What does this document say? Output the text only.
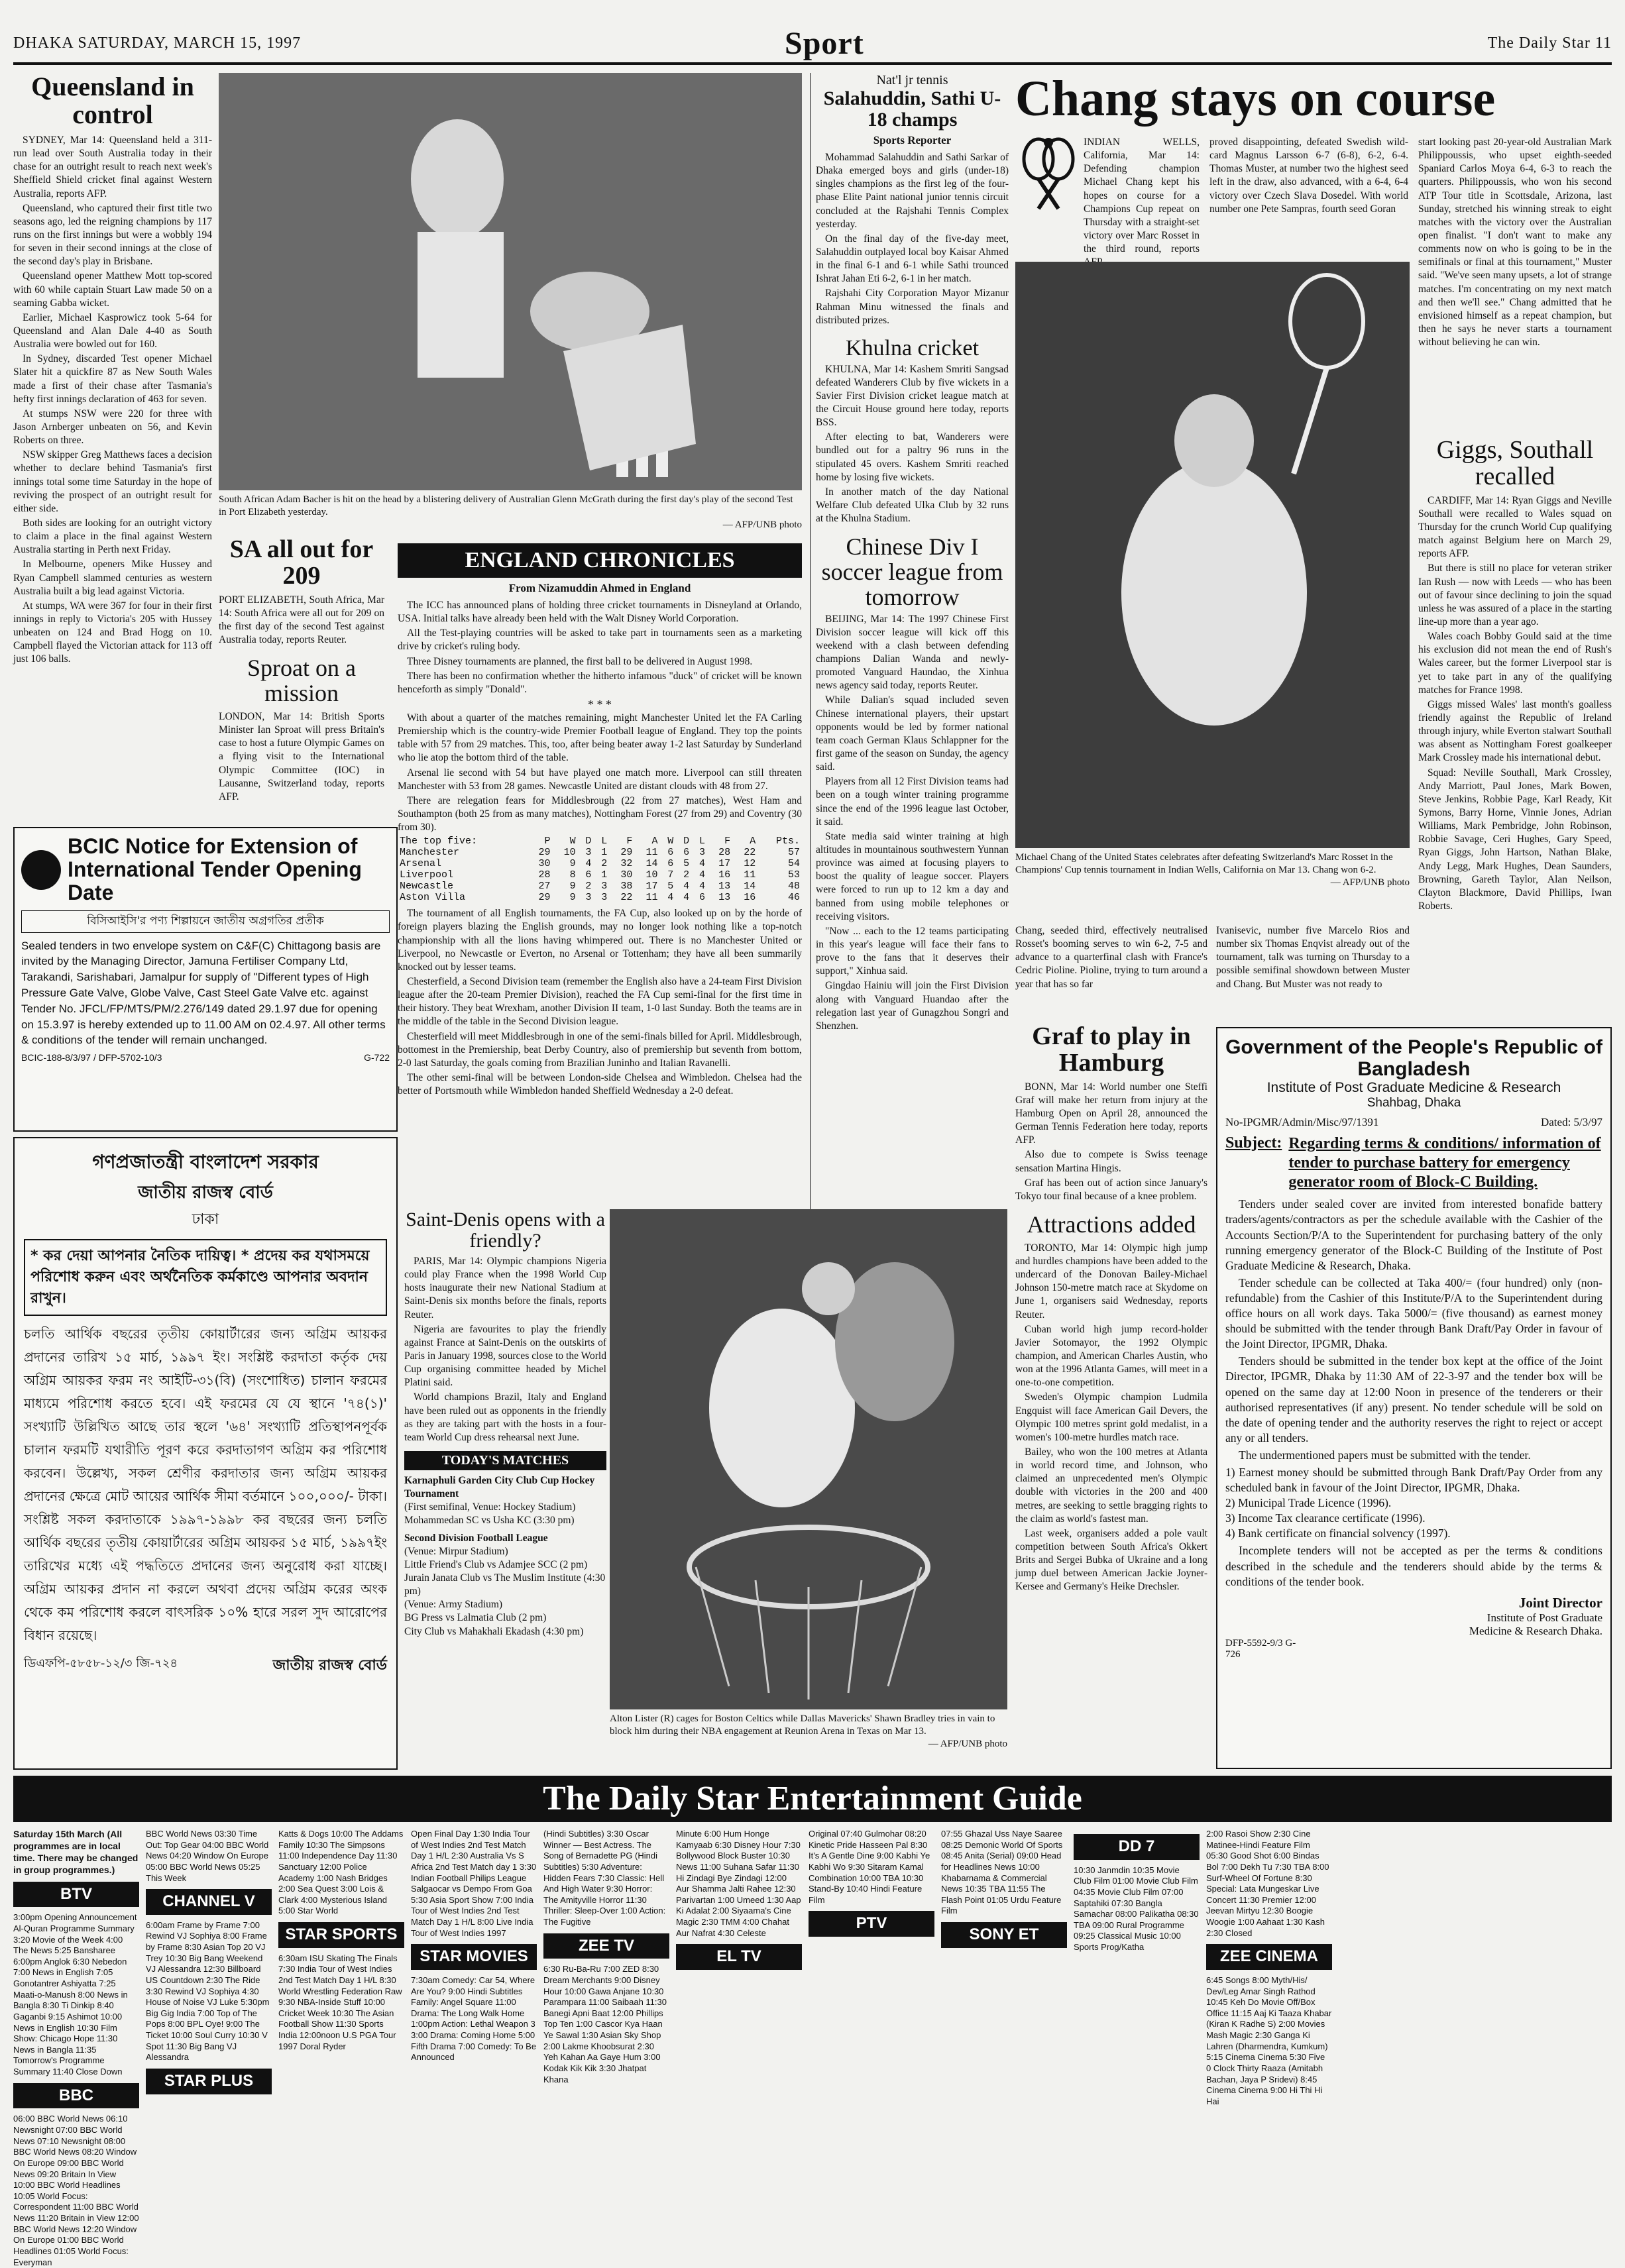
DHAKA SATURDAY, MARCH 15, 1997	Sport	The Daily Star 11
Queensland in control

SYDNEY, Mar 14: Queensland held a 311-run lead over South Australia today in their chase for an outright result to reach next week's Sheffield Shield cricket final against Western Australia, reports AFP.

Queensland, who captured their first title two seasons ago, led the reigning champions by 117 runs on the first innings but were a wobbly 194 for seven in their second innings at the close of the second day's play in Brisbane.

Queensland opener Matthew Mott top-scored with 60 while captain Stuart Law made 50 on a seaming Gabba wicket.

Earlier, Michael Kasprowicz took 5-64 for Queensland and Alan Dale 4-40 as South Australia were bowled out for 160.

In Sydney, discarded Test opener Michael Slater hit a quickfire 87 as New South Wales made a first of their chase after Tasmania's hefty first innings declaration of 463 for seven.

At stumps NSW were 220 for three with Jason Arnberger unbeaten on 56, and Kevin Roberts on three.

NSW skipper Greg Matthews faces a decision whether to declare behind Tasmania's first innings total some time Saturday in the hope of reviving the prospect of an outright result for either side.

Both sides are looking for an outright victory to claim a place in the final against Western Australia starting in Perth next Friday.

In Melbourne, openers Mike Hussey and Ryan Campbell slammed centuries as western Australia built a big lead against Victoria.

At stumps, WA were 367 for four in their first innings in reply to Victoria's 205 with Hussey unbeaten on 124 and Brad Hogg on 10. Campbell flayed the Victorian attack for 113 off just 106 balls.

South African Adam Bacher is hit on the head by a blistering delivery of Australian Glenn McGrath during the first day's play of the second Test in Port Elizabeth yesterday.
— AFP/UNB photo
SA all out for 209
PORT ELIZABETH, South Africa, Mar 14: South Africa were all out for 209 on the first day of the second Test against Australia today, reports Reuter.
Sproat on a mission
LONDON, Mar 14: British Sports Minister Ian Sproat will press Britain's case to host a future Olympic Games on a flying visit to the International Olympic Committee (IOC) in Lausanne, Switzerland today, reports AFP.
BCIC Notice for Extension of International Tender Opening Date
বিসিআইসি'র পণ্য শিল্পায়নে জাতীয় অগ্রগতির প্রতীক
Sealed tenders in two envelope system on C&F(C) Chittagong basis are invited by the Managing Director, Jamuna Fertiliser Company Ltd, Tarakandi, Sarishabari, Jamalpur for supply of "Different types of High Pressure Gate Valve, Globe Valve, Cast Steel Gate Valve etc. against Tender No. JFCL/FP/MTS/PM/2.276/149 dated 29.1.97 due for opening on 15.3.97 is hereby extended up to 11.00 AM on 02.4.97. All other terms & conditions of the tender will remain unchanged.
BCIC-188-8/3/97 / DFP-5702-10/3	G-722
গণপ্রজাতন্ত্রী বাংলাদেশ সরকার
জাতীয় রাজস্ব বোর্ড
ঢাকা
* কর দেয়া আপনার নৈতিক দায়িত্ব। * প্রদেয় কর যথাসময়ে পরিশোধ করুন এবং অর্থনৈতিক কর্মকাণ্ডে আপনার অবদান রাখুন।
চলতি আর্থিক বছরের তৃতীয় কোয়ার্টারের জন্য অগ্রিম আয়কর প্রদানের তারিখ ১৫ মার্চ, ১৯৯৭ ইং। সংশ্লিষ্ট করদাতা কর্তৃক দেয় অগ্রিম আয়কর ফরম নং আইটি-৩১(বি) (সংশোধিত) চালান ফরমের মাধ্যমে পরিশোধ করতে হবে। এই ফরমের যে যে স্থানে '৭৪(১)' সংখ্যাটি উল্লিখিত আছে তার স্থলে '৬৪' সংখ্যাটি প্রতিস্থাপনপূর্বক চালান ফরমটি যথারীতি পূরণ করে করদাতাগণ অগ্রিম কর পরিশোধ করবেন। উল্লেখ্য, সকল শ্রেণীর করদাতার জন্য অগ্রিম আয়কর প্রদানের ক্ষেত্রে মোট আয়ের আর্থিক সীমা বর্তমানে ১০০,০০০/- টাকা। সংশ্লিষ্ট সকল করদাতাকে ১৯৯৭-১৯৯৮ কর বছরের জন্য চলতি আর্থিক বছরের তৃতীয় কোয়ার্টারের অগ্রিম আয়কর ১৫ মার্চ, ১৯৯৭ইং তারিখের মধ্যে এই পদ্ধতিতে প্রদানের জন্য অনুরোধ করা যাচ্ছে। অগ্রিম আয়কর প্রদান না করলে অথবা প্রদেয় অগ্রিম করের অংক থেকে কম পরিশোধ করলে বাৎসরিক ১০% হারে সরল সুদ আরোপের বিধান রয়েছে।
ডিএফপি-৫৮৫৮-১২/৩ জি-৭২৪	জাতীয় রাজস্ব বোর্ড
ENGLAND CHRONICLES
From Nizamuddin Ahmed in England

The ICC has announced plans of holding three cricket tournaments in Disneyland at Orlando, USA. Initial talks have already been held with the Walt Disney World Corporation.

All the Test-playing countries will be asked to take part in tournaments seen as a marketing drive by cricket's ruling body.

Three Disney tournaments are planned, the first ball to be delivered in August 1998.

There has been no confirmation whether the hitherto infamous "duck" of cricket will be known henceforth as simply "Donald".

* * *

With about a quarter of the matches remaining, might Manchester United let the FA Carling Premiership which is the country-wide Premier Football league of England. They top the points table with 57 from 29 matches. This, too, after being beater away 1-2 last Saturday by Sunderland who lie atop the bottom third of the table.

Arsenal lie second with 54 but have played one match more. Liverpool can still threaten Manchester with 53 from 28 games. Newcastle United are distant clouds with 48 from 27.

There are relegation fears for Middlesbrough (22 from 27 matches), West Ham and Southampton (both 25 from as many matches), Nottingham Forest (27 from 29) and Coventry (30 from 30).

The top five:	P	W	D	L	F	A	W	D	L	F	A	Pts.
Manchester	29	10	3	1	29	11	6	6	3	28	22	57
Arsenal	30	9	4	2	32	14	6	5	4	17	12	54
Liverpool	28	8	6	1	30	10	7	2	4	16	11	53
Newcastle	27	9	2	3	38	17	5	4	4	13	14	48
Aston Villa	29	9	3	3	22	11	4	4	6	13	16	46

The tournament of all English tournaments, the FA Cup, also looked up on by the horde of foreign players blazing the English grounds, may no longer look nothing like a top-notch championship with all the lions having whimpered out. There is no Manchester United or Liverpool, no Newcastle or Everton, no Arsenal or Tottenham; they have all been summarily knocked out by lesser teams.

Chesterfield, a Second Division team (remember the English also have a 24-team First Division league after the 20-team Premier Division), reached the FA Cup semi-final for the first time in their history. They beat Wrexham, another Division II team, 1-0 last Sunday. Both the teams are in the middle of the table in the Second Division league.

Chesterfield will meet Middlesbrough in one of the semi-finals billed for April. Middlesbrough, bottomest in the Premiership, beat Derby Country, also of premiership but seventh from bottom, 2-0 last Saturday, the goals coming from Brazilian Juninho and Italian Ravanelli.

The other semi-final will be between London-side Chelsea and Wimbledon. Chelsea had the better of Portsmouth while Wimbledon handed Sheffield Wednesday a 2-0 defeat.

Nat'l jr tennis
Salahuddin, Sathi U-18 champs
Sports Reporter

Mohammad Salahuddin and Sathi Sarkar of Dhaka emerged boys and girls (under-18) singles champions as the first leg of the four-phase Elite Paint national junior tennis circuit concluded at the Rajshahi Tennis Complex yesterday.

On the final day of the five-day meet, Salahuddin outplayed local boy Kaisar Ahmed in the final 6-1 and 6-1 while Sathi trounced Ishrat Jahan Eti 6-2, 6-1 in her match.

Rajshahi City Corporation Mayor Mizanur Rahman Minu witnessed the finals and distributed prizes.

Khulna cricket

KHULNA, Mar 14: Kashem Smriti Sangsad defeated Wanderers Club by five wickets in a Savier First Division cricket league match at the Circuit House ground here today, reports BSS.

After electing to bat, Wanderers were bundled out for a paltry 96 runs in the stipulated 45 overs. Kashem Smriti reached home by losing five wickets.

In another match of the day National Welfare Club defeated Ulka Club by 32 runs at the Khulna Stadium.

Chinese Div I soccer league from tomorrow

BEIJING, Mar 14: The 1997 Chinese First Division soccer league will kick off this weekend with a clash between defending champions Dalian Wanda and newly-promoted Vanguard Haundao, the Xinhua news agency said today, reports Reuter.

While Dalian's squad included seven Chinese international players, their upstart opponents would be led by former national team coach German Klaus Schlappner for the first game of the season on Sunday, the agency said.

Players from all 12 First Division teams had been on a tough winter training programme since the end of the 1996 league last October, it said.

State media said winter training at high altitudes in mountainous southwestern Yunnan province was aimed at focusing players to boost the quality of league soccer. Players were forced to run up to 12 km a day and banned from using mobile telephones or receiving visitors.

"Now ... each to the 12 teams participating in this year's league will face their fans to prove to the fans that it deserves their support," Xinhua said.

Gingdao Hainiu will join the First Division along with Vanguard Huandao after the relegation last year of Gunagzhou Songri and Shenzhen.

Chang stays on course
INDIAN WELLS, California, Mar 14: Defending champion Michael Chang kept his hopes on course for a Champions Cup repeat on Thursday with a straight-set victory over Marc Rosset in the third round, reports
proved disappointing, defeated Swedish wild-card Magnus Larsson 6-7 (6-8), 6-2, 6-4. Thomas Muster, at number two the highest seed left in the draw, also advanced, with a 6-4, 6-4 victory over Czech Slava Dosedel. With world number one Pete Sampras, fourth seed Goran
start looking past 20-year-old Australian Mark Philippoussis, who upset eighth-seeded Spaniard Carlos Moya 6-4, 6-3 to reach the quarters. Philippoussis, who won his second ATP Tour title in Scottsdale, Arizona, last Sunday, stretched his winning streak to eight matches with the victory over the Australian open finalist. "I don't want to make any comments now on who is going to be in the semifinals or final at this tournament," Muster said. "We've seen many upsets, a lot of strange matches. I'm concentrating on my next match and then we'll see." Chang admitted that he envisioned himself as a repeat champion, but then he says he never starts a tournament without believing he can win.
Michael Chang of the United States celebrates after defeating Switzerland's Marc Rosset in the Champions' Cup tennis tournament in Indian Wells, California on Mar 13. Chang won 6-2.
— AFP/UNB photo
Chang, seeded third, effectively neutralised Rosset's booming serves to win 6-2, 7-5 and advance to a quarterfinal clash with France's Cedric Pioline. Pioline, trying to turn around a year that has so far
Ivanisevic, number five Marcelo Rios and number six Thomas Enqvist already out of the tournament, talk was turning on Thursday to a possible semifinal showdown between Muster and Chang. But Muster was not ready to
Giggs, Southall recalled

CARDIFF, Mar 14: Ryan Giggs and Neville Southall were recalled to Wales squad on Thursday for the crunch World Cup qualifying match against Belgium here on March 29, reports AFP.

But there is still no place for veteran striker Ian Rush — now with Leeds — who has been out of favour since declining to join the squad unless he was assured of a place in the starting line-up more than a year ago.

Wales coach Bobby Gould said at the time his exclusion did not mean the end of Rush's Wales career, but the former Liverpool star is yet to take part in any of the qualifying matches for France 1998.

Giggs missed Wales' last month's goalless friendly against the Republic of Ireland through injury, while Everton stalwart Southall was absent as Nottingham Forest goalkeeper Mark Crossley made his international debut.

Squad: Neville Southall, Mark Crossley, Andy Marriott, Paul Jones, Mark Bowen, Steve Jenkins, Robbie Page, Karl Ready, Kit Symons, Barry Horne, Vinnie Jones, Adrian Williams, Mark Pembridge, John Robinson, Robbie Savage, Ceri Hughes, Gary Speed, Ryan Giggs, John Hartson, Nathan Blake, Andy Legg, Mark Hughes, Dean Saunders, Browning, Gareth Taylor, Alan Neilson, Clayton Blackmore, David Phillips, Iwan Roberts.

Graf to play in Hamburg

BONN, Mar 14: World number one Steffi Graf will make her return from injury at the Hamburg Open on April 28, announced the German Tennis Federation here today, reports AFP.

Also due to compete is Swiss teenage sensation Martina Hingis.

Graf has been out of action since January's Tokyo tour final because of a knee problem.

Attractions added

TORONTO, Mar 14: Olympic high jump and hurdles champions have been added to the undercard of the Donovan Bailey-Michael Johnson 150-metre match race at Skydome on June 1, organisers said Wednesday, reports Reuter.

Cuban world high jump record-holder Javier Sotomayor, the 1992 Olympic champion, and American Charles Austin, who won at the 1996 Atlanta Games, will meet in a one-to-one competition.

Sweden's Olympic champion Ludmila Engquist will face American Gail Devers, the Olympic 100 metres sprint gold medalist, in a women's 100-metre hurdles match race.

Bailey, who won the 100 metres at Atlanta in world record time, and Johnson, who claimed an unprecedented men's Olympic double with victories in the 200 and 400 metres, are seeking to settle bragging rights to the claim as world's fastest man.

Last week, organisers added a pole vault competition between South Africa's Okkert Brits and Sergei Bubka of Ukraine and a long jump duel between American Jackie Joyner-Kersee and Germany's Heike Drechsler.

Government of the People's Republic of Bangladesh
Institute of Post Graduate Medicine & Research
Shahbag, Dhaka
No-IPGMR/Admin/Misc/97/1391	Dated: 5/3/97
Subject: Regarding terms & conditions/ information of tender to purchase battery for emergency generator room of Block-C Building.

Tenders under sealed cover are invited from interested bonafide battery traders/agents/contractors as per the schedule available with the Cashier of the Accounts Section/P/A to the Superintendent for purchasing battery of the only running emergency generator of the Block-C Building of the Institute of Post Graduate Medicine & Research, Dhaka.

Tender schedule can be collected at Taka 400/= (four hundred) only (non-refundable) from the Cashier of this Institute/P/A to the Superintendent during office hours on all work days. Taka 5000/= (five thousand) as earnest money should be submitted with the tender through Bank Draft/Pay Order in favour of the Joint Director, IPGMR, Dhaka.

Tenders should be submitted in the tender box kept at the office of the Joint Director, IPGMR, Dhaka by 11:30 AM of 22-3-97 and the tender box will be opened on the same day at 12:00 Noon in presence of the tenderers or their authorised representatives (if any) present. No tender schedule will be sold on the date of opening tender and the authority reserves the right to reject or accept any or all tenders.

The undermentioned papers must be submitted with the tender.

1) Earnest money should be submitted through Bank Draft/Pay Order from any scheduled bank in favour of the Joint Director, IPGMR, Dhaka.

2) Municipal Trade Licence (1996).

3) Income Tax clearance certificate (1996).

4) Bank certificate on financial solvency (1997).

Incomplete tenders will not be accepted as per the terms & conditions described in the schedule and the tenderers should abide by the terms & conditions of the tender book.

Joint Director
Institute of Post Graduate Medicine & Research Dhaka.
DFP-5592-9/3 G-726
Saint-Denis opens with a friendly?

PARIS, Mar 14: Olympic champions Nigeria could play France when the 1998 World Cup hosts inaugurate their new National Stadium at Saint-Denis six months before the finals, reports Reuter.

Nigeria are favourites to play the friendly against France at Saint-Denis on the outskirts of Paris in January 1998, sources close to the World Cup organising committee headed by Michel Platini said.

World champions Brazil, Italy and England have been ruled out as opponents in the friendly as they are taking part with the hosts in a four-team World Cup dress rehearsal next June.

TODAY'S MATCHES
Karnaphuli Garden City Club Cup Hockey Tournament
(First semifinal, Venue: Hockey Stadium)
Mohammedan SC vs Usha KC (3:30 pm)
Second Division Football League
(Venue: Mirpur Stadium)
Little Friend's Club vs Adamjee SCC (2 pm)
Jurain Janata Club vs The Muslim Institute (4:30 pm)
(Venue: Army Stadium)
BG Press vs Lalmatia Club (2 pm)
City Club vs Mahakhali Ekadash (4:30 pm)
Alton Lister (R) cages for Boston Celtics while Dallas Mavericks' Shawn Bradley tries in vain to block him during their NBA engagement at Reunion Arena in Texas on Mar 13.
— AFP/UNB photo
The Daily Star Entertainment Guide
Saturday 15th March (All programmes are in local time. There may be changed in group programmes.)
BTV
3:00pm Opening Announcement Al-Quran Programme Summary 3:20 Movie of the Week 4:00 The News 5:25 Bansharee 6:00pm Anglok 6:30 Nebedon 7:00 News in English 7:05 Gonotantrer Ashiyatta 7:25 Maati-o-Manush 8:00 News in Bangla 8:30 Ti Dinkip 8:40 Gaganbi 9:15 Ashimot 10:00 News in English 10:30 Film Show: Chicago Hope 11:30 News in Bangla 11:35 Tomorrow's Programme Summary 11:40 Close Down
BBC
06:00 BBC World News 06:10 Newsnight 07:00 BBC World News 07:10 Newsnight 08:00 BBC World News 08:20 Window On Europe 09:00 BBC World News 09:20 Britain In View 10:00 BBC World Headlines 10:05 World Focus: Correspondent 11:00 BBC World News 11:20 Britain in View 12:00 BBC World News 12:20 Window On Europe 01:00 BBC World Headlines 01:05 World Focus: Everyman
BBC World News 03:30 Time Out: Top Gear 04:00 BBC World News 04:20 Window On Europe 05:00 BBC World News 05:25 This Week
CHANNEL V
6:00am Frame by Frame 7:00 Rewind VJ Sophiya 8:00 Frame by Frame 8:30 Asian Top 20 VJ Trey 10:30 Big Bang Weekend VJ Alessandra 12:30 Billboard US Countdown 2:30 The Ride 3:30 Rewind VJ Sophiya 4:30 House of Noise VJ Luke 5:30pm Big Gig India 7:00 Top of The Pops 8:00 BPL Oye! 9:00 The Ticket 10:00 Soul Curry 10:30 V Spot 11:30 Big Bang VJ Alessandra
STAR PLUS
Katts & Dogs 10:00 The Addams Family 10:30 The Simpsons 11:00 Independence Day 11:30 Sanctuary 12:00 Police Academy 1:00 Nash Bridges 2:00 Sea Quest 3:00 Lois & Clark 4:00 Mysterious Island 5:00 Star World
STAR SPORTS
6:30am ISU Skating The Finals 7:30 India Tour of West Indies 2nd Test Match Day 1 H/L 8:30 World Wrestling Federation Raw 9:30 NBA-Inside Stuff 10:00 Cricket Week 10:30 The Asian Football Show 11:30 Sports India 12:00noon U.S PGA Tour 1997 Doral Ryder
Open Final Day 1:30 India Tour of West Indies 2nd Test Match Day 1 H/L 2:30 Australia Vs S Africa 2nd Test Match day 1 3:30 Indian Football Philips League Salgaocar vs Dempo From Goa 5:30 Asia Sport Show 7:00 India Tour of West Indies 2nd Test Match Day 1 H/L 8:00 Live India Tour of West Indies 1997
STAR MOVIES
7:30am Comedy: Car 54, Where Are You? 9:00 Hindi Subtitles Family: Angel Square 11:00 Drama: The Long Walk Home 1:00pm Action: Lethal Weapon 3 3:00 Drama: Coming Home 5:00 Fifth Drama 7:00 Comedy: To Be Announced
(Hindi Subtitles) 3:30 Oscar Winner — Best Actress. The Song of Bernadette PG (Hindi Subtitles) 5:30 Adventure: Hidden Fears 7:30 Classic: Hell And High Water 9:30 Horror: The Amityville Horror 11:30 Thriller: Sleep-Over 1:00 Action: The Fugitive
ZEE TV
6:30 Ru-Ba-Ru 7:00 ZED 8:30 Dream Merchants 9:00 Disney Hour 10:00 Gawa Anjane 10:30 Parampara 11:00 Saibaah 11:30 Banegi Apni Baat 12:00 Phillips Top Ten 1:00 Cascor Kya Haan Ye Sawal 1:30 Asian Sky Shop 2:00 Lakme Khoobsurat 2:30 Yeh Kahan Aa Gaye Hum 3:00 Kodak Kik Kik 3:30 Jhatpat Khana
Minute 6:00 Hum Honge Kamyaab 6:30 Disney Hour 7:30 Bollywood Block Buster 10:30 News 11:00 Suhana Safar 11:30 Hi Zindagi Bye Zindagi 12:00 Aur Shamma Jalti Rahee 12:30 Parivartan 1:00 Umeed 1:30 Aap Ki Adalat 2:00 Siyaama's Cine Magic 2:30 TMM 4:00 Chahat Aur Nafrat 4:30 Celeste
EL TV
Original 07:40 Gulmohar 08:20 Kinetic Pride Hasseen Pal 8:30 It's A Gentle Dine 9:00 Kabhi Ye Kabhi Wo 9:30 Sitaram Kamal Combination 10:00 TBA 10:30 Stand-By 10:40 Hindi Feature Film
PTV
07:55 Ghazal Uss Naye Saaree 08:25 Demonic World Of Sports 08:45 Anita (Serial) 09:00 Head for Headlines News 10:00 Khabarnama & Commercial News 10:35 TBA 11:55 The Flash Point 01:05 Urdu Feature Film
SONY ET
DD 7
10:30 Janmdin 10:35 Movie Club Film 01:00 Movie Club Film 04:35 Movie Club Film 07:00 Saptahiki 07:30 Bangla Samachar 08:00 Palikatha 08:30 TBA 09:00 Rural Programme 09:25 Classical Music 10:00 Sports Prog/Katha
2:00 Rasoi Show 2:30 Cine Matinee-Hindi Feature Film 05:30 Good Shot 6:00 Bindas Bol 7:00 Dekh Tu 7:30 TBA 8:00 Surf-Wheel Of Fortune 8:30 Special: Lata Mungeskar Live Concert 11:30 Premier 12:00 Jeevan Mirtyu 12:30 Boogie Woogie 1:00 Aahaat 1:30 Kash 2:30 Closed
ZEE CINEMA
6:45 Songs 8:00 Myth/His/ Dev/Leg Amar Singh Rathod 10:45 Keh Do Movie Off/Box Office 11:15 Aaj Ki Taaza Khabar (Kiran K Radhe S) 2:00 Movies Mash Magic 2:30 Ganga Ki Lahren (Dharmendra, Kumkum) 5:15 Cinema Cinema 5:30 Five 0 Clock Thirty Raaza (Amitabh Bachan, Jaya P Sridevi) 8:45 Cinema Cinema 9:00 Hi Thi Hi Hai
